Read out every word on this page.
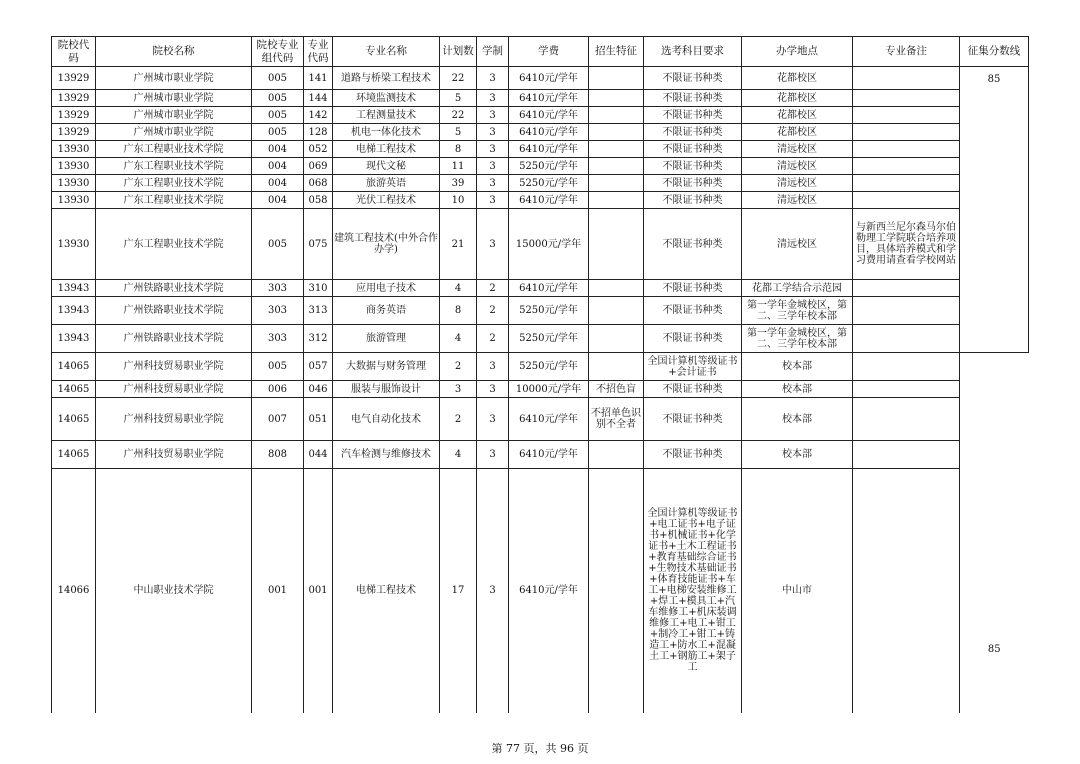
院校代码	院校名称	院校专业组代码	专业代码	专业名称	计划数	学制	学费	招生特征	选考科目要求	办学地点	专业备注	征集分数线
13929	广州城市职业学院	005	141	道路与桥梁工程技术	22	3	6410元/学年		不限证书种类	花都校区		85
13929	广州城市职业学院	005	144	环境监测技术	5	3	6410元/学年		不限证书种类	花都校区		
13929	广州城市职业学院	005	142	工程测量技术	22	3	6410元/学年		不限证书种类	花都校区		
13929	广州城市职业学院	005	128	机电一体化技术	5	3	6410元/学年		不限证书种类	花都校区		
13930	广东工程职业技术学院	004	052	电梯工程技术	8	3	6410元/学年		不限证书种类	清远校区		
13930	广东工程职业技术学院	004	069	现代文秘	11	3	5250元/学年		不限证书种类	清远校区		
13930	广东工程职业技术学院	004	068	旅游英语	39	3	5250元/学年		不限证书种类	清远校区		
13930	广东工程职业技术学院	004	058	光伏工程技术	10	3	6410元/学年		不限证书种类	清远校区		
13930	广东工程职业技术学院	005	075	建筑工程技术(中外合作办学)	21	3	15000元/学年		不限证书种类	清远校区	与新西兰尼尔森马尔伯勒理工学院联合培养项目，具体培养模式和学习费用请查看学校网站	
13943	广州铁路职业技术学院	303	310	应用电子技术	4	2	6410元/学年		不限证书种类	花都工学结合示范园		
13943	广州铁路职业技术学院	303	313	商务英语	8	2	5250元/学年		不限证书种类	第一学年金城校区，第二、三学年校本部		
13943	广州铁路职业技术学院	303	312	旅游管理	4	2	5250元/学年		不限证书种类	第一学年金城校区，第二、三学年校本部		
14065	广州科技贸易职业学院	005	057	大数据与财务管理	2	3	5250元/学年		全国计算机等级证书+会计证书	校本部		85
14065	广州科技贸易职业学院	006	046	服装与服饰设计	3	3	10000元/学年	不招色盲	不限证书种类	校本部		
14065	广州科技贸易职业学院	007	051	电气自动化技术	2	3	6410元/学年	不招单色识别不全者	不限证书种类	校本部		
14065	广州科技贸易职业学院	808	044	汽车检测与维修技术	4	3	6410元/学年		不限证书种类	校本部		
14066	中山职业技术学院	001	001	电梯工程技术	17	3	6410元/学年		全国计算机等级证书+电工证书+电子证书+机械证书+化学证书+土木工程证书+教育基础综合证书+生物技术基础证书+体育技能证书+车工+电梯安装维修工+焊工+模具工+汽车维修工+机床装调维修工+电工+钳工+制冷工+钳工+铸造工+防水工+混凝土工+钢筋工+架子工	中山市		
第 77 页，共 96 页
